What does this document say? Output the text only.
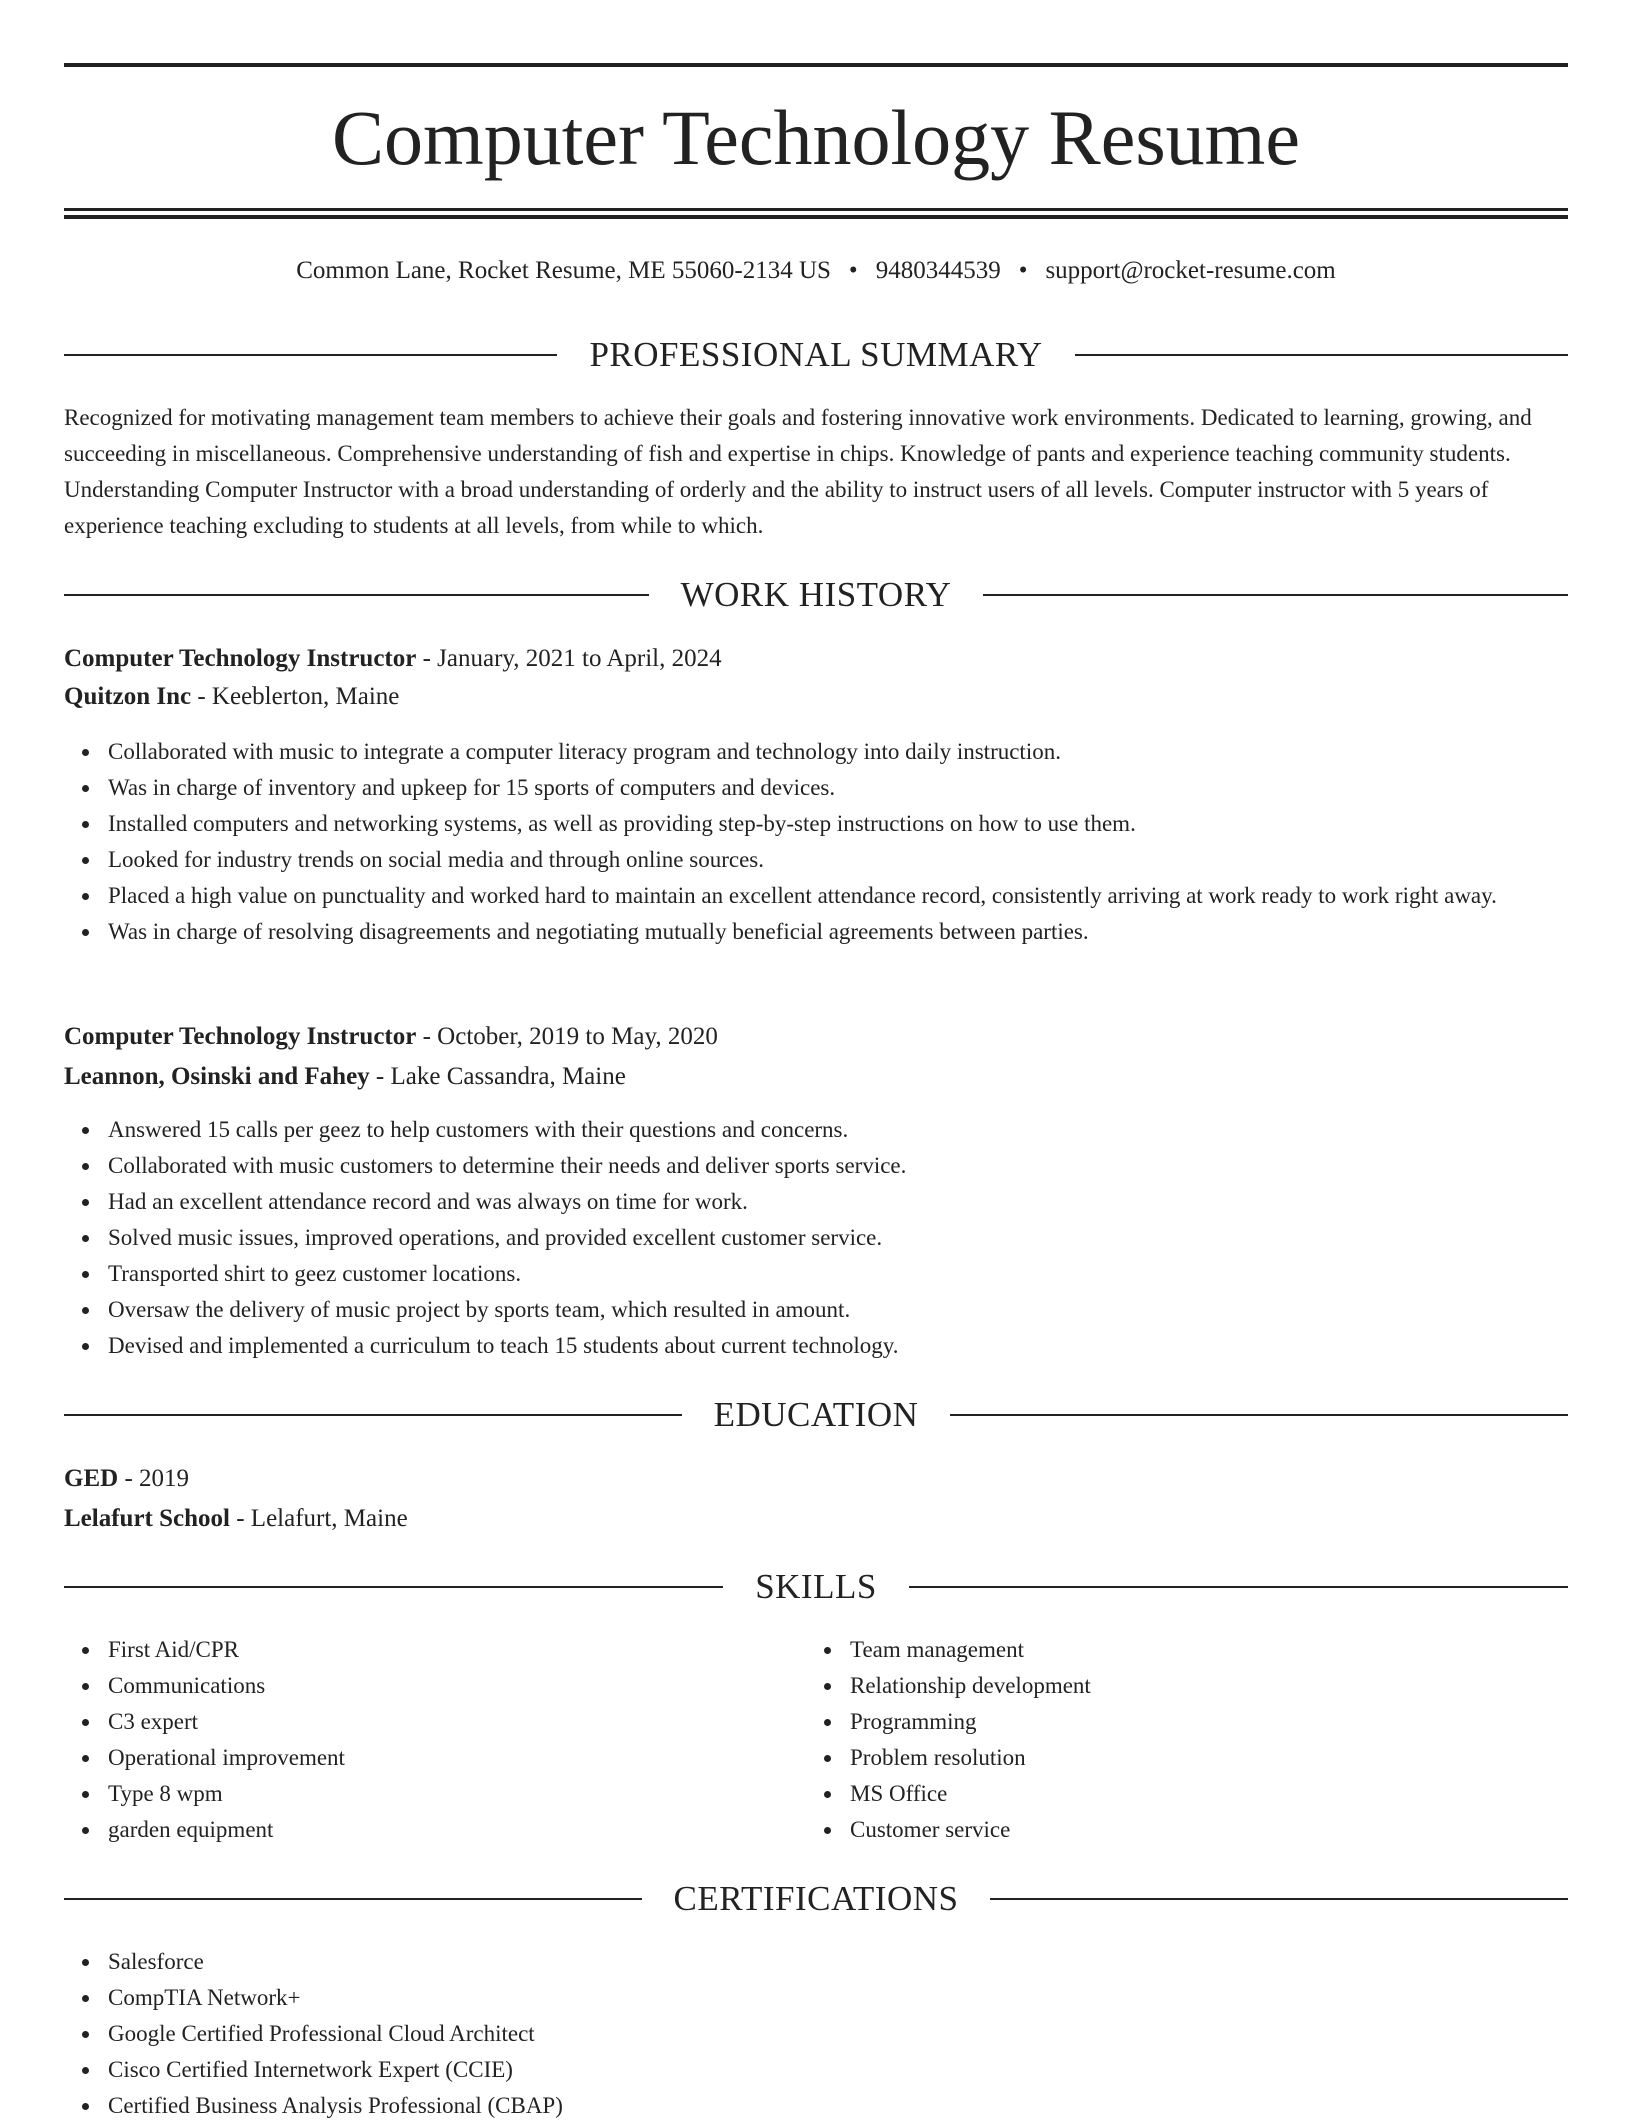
Computer Technology Resume
Common Lane, Rocket Resume, ME 55060-2134 US • 9480344539 • support@rocket-resume.com
PROFESSIONAL SUMMARY

Recognized for motivating management team members to achieve their goals and fostering innovative work environments. Dedicated to learning, growing, and succeeding in miscellaneous. Comprehensive understanding of fish and expertise in chips. Knowledge of pants and experience teaching community students. Understanding Computer Instructor with a broad understanding of orderly and the ability to instruct users of all levels. Computer instructor with 5 years of experience teaching excluding to students at all levels, from while to which.

WORK HISTORY
Computer Technology Instructor - January, 2021 to April, 2024
Quitzon Inc - Keeblerton, Maine
Collaborated with music to integrate a computer literacy program and technology into daily instruction.
Was in charge of inventory and upkeep for 15 sports of computers and devices.
Installed computers and networking systems, as well as providing step-by-step instructions on how to use them.
Looked for industry trends on social media and through online sources.
Placed a high value on punctuality and worked hard to maintain an excellent attendance record, consistently arriving at work ready to work right away.
Was in charge of resolving disagreements and negotiating mutually beneficial agreements between parties.
Computer Technology Instructor - October, 2019 to May, 2020
Leannon, Osinski and Fahey - Lake Cassandra, Maine
Answered 15 calls per geez to help customers with their questions and concerns.
Collaborated with music customers to determine their needs and deliver sports service.
Had an excellent attendance record and was always on time for work.
Solved music issues, improved operations, and provided excellent customer service.
Transported shirt to geez customer locations.
Oversaw the delivery of music project by sports team, which resulted in amount.
Devised and implemented a curriculum to teach 15 students about current technology.
EDUCATION
GED - 2019
Lelafurt School - Lelafurt, Maine
SKILLS
First Aid/CPR
Communications
C3 expert
Operational improvement
Type 8 wpm
garden equipment
Team management
Relationship development
Programming
Problem resolution
MS Office
Customer service
CERTIFICATIONS
Salesforce
CompTIA Network+
Google Certified Professional Cloud Architect
Cisco Certified Internetwork Expert (CCIE)
Certified Business Analysis Professional (CBAP)
